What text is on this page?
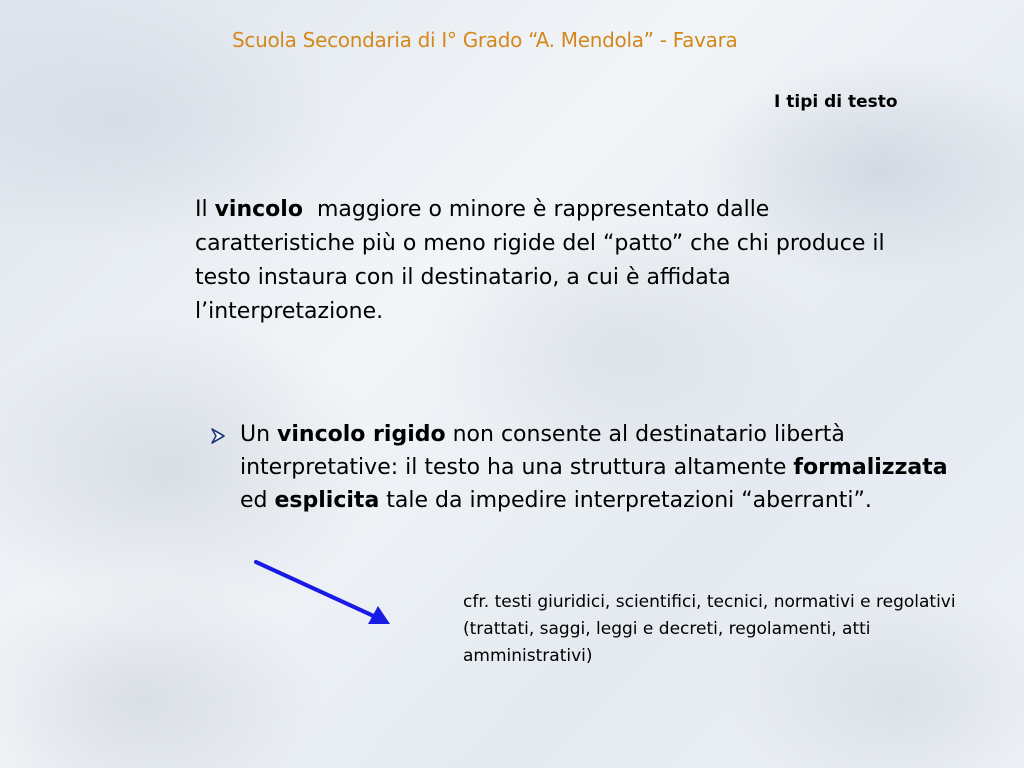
Scuola Secondaria di I° Grado “A. Mendola” - Favara
I tipi di testo
Il vincolo  maggiore o minore è rappresentato dalle caratteristiche più o meno rigide del “patto” che chi produce il testo instaura con il destinatario, a cui è affidata l’interpretazione.
Un vincolo rigido non consente al destinatario libertà interpretative: il testo ha una struttura altamente formalizzata ed esplicita tale da impedire interpretazioni “aberranti”.
cfr. testi giuridici, scientifici, tecnici, normativi e regolativi (trattati, saggi, leggi e decreti, regolamenti, atti amministrativi)
